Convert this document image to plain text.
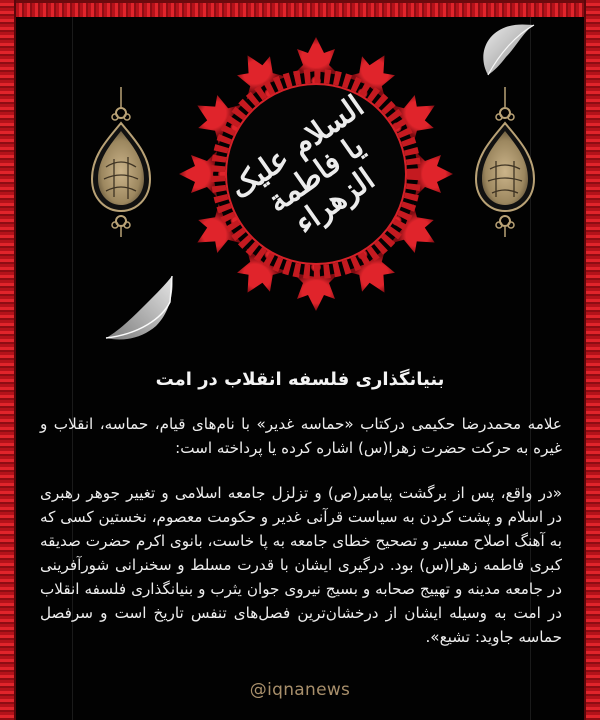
السلام علیک یا فاطمة الزهراء
بنیانگذاری فلسفه انقلاب در امت
علامه محمدرضا حکیمی درکتاب «حماسه غدیر» با نام‌های قیام، حماسه، انقلاب و غیره به حرکت حضرت زهرا(س) اشاره کرده یا پرداخته است:
«در واقع، پس از برگشت پیامبر(ص) و تزلزل جامعه اسلامی و تغییر جوهر رهبری در اسلام و پشت کردن به سیاست قرآنی غدیر و حکومت معصوم، نخستین کسی که به آهنگ اصلاح مسیر و تصحیح خطای جامعه به پا خاست، بانوی اکرم حضرت صدیقه کبری فاطمه زهرا(س) بود. درگیری ایشان با قدرت مسلط و سخنرانی شورآفرینی در جامعه مدینه و تهییج صحابه و بسیج نیروی جوان یثرب و بنیانگذاری فلسفه انقلاب در امت به وسیله ایشان از درخشان‌ترین فصل‌های تنفس تاریخ است و سرفصل حماسه جاوید: تشیع».
@iqnanews
